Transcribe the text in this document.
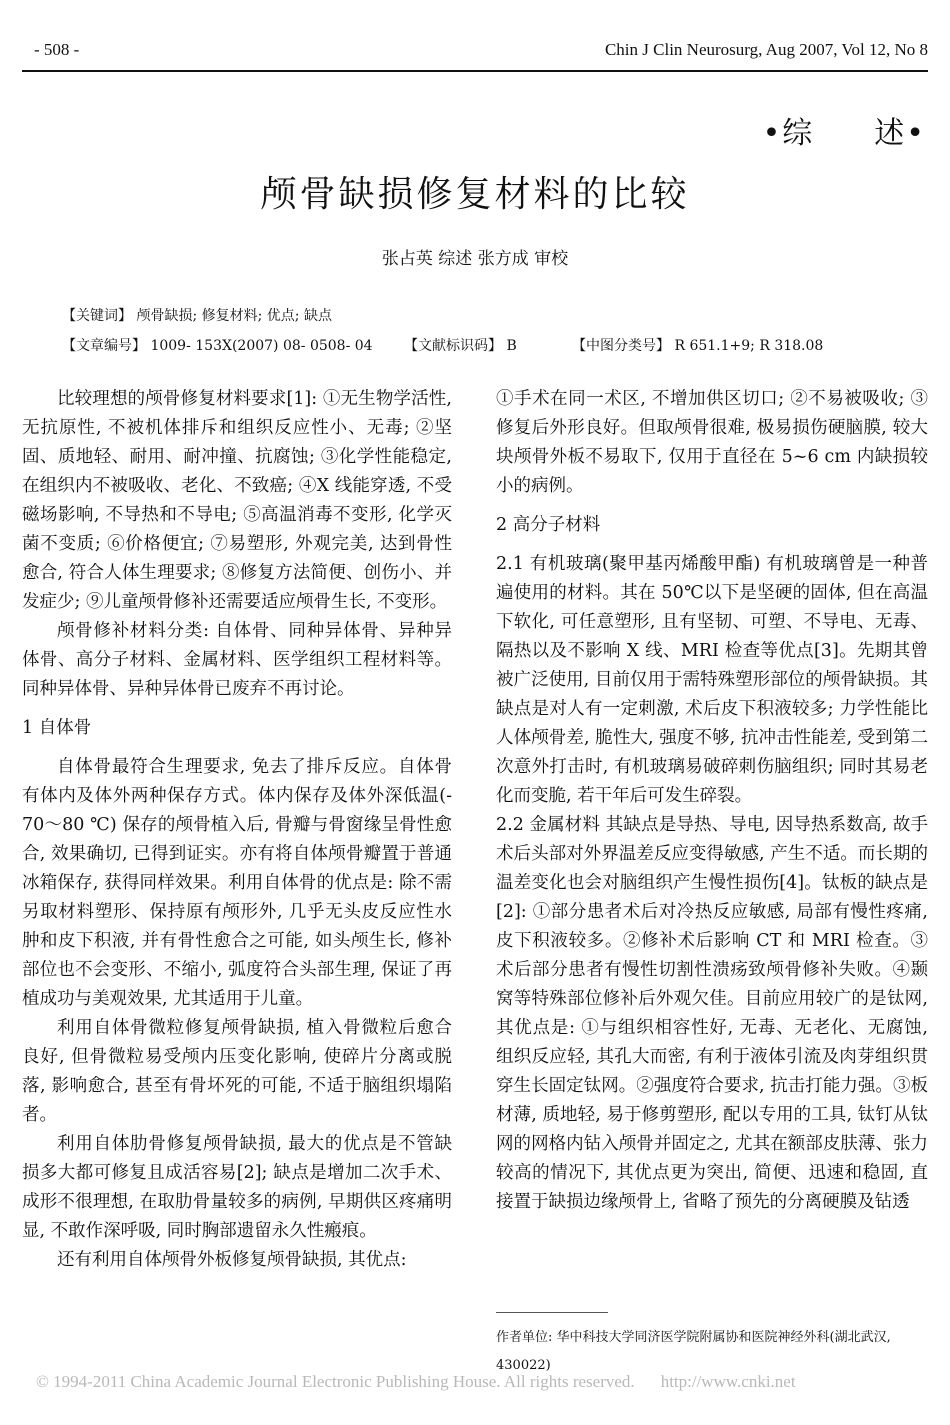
- 508 -	Chin J Clin Neurosurg, Aug 2007, Vol 12, No 8
•综 述•
颅骨缺损修复材料的比较
张占英 综述 张方成 审校
【关键词】 颅骨缺损; 修复材料; 优点; 缺点
【文章编号】 1009- 153X(2007) 08- 0508- 04 【文献标识码】 B	【中图分类号】 R 651.1+9; R 318.08

比较理想的颅骨修复材料要求[1]: ①无生物学活性, 无抗原性, 不被机体排斥和组织反应性小、无毒; ②坚固、质地轻、耐用、耐冲撞、抗腐蚀; ③化学性能稳定, 在组织内不被吸收、老化、不致癌; ④X 线能穿透, 不受磁场影响, 不导热和不导电; ⑤高温消毒不变形, 化学灭菌不变质; ⑥价格便宜; ⑦易塑形, 外观完美, 达到骨性愈合, 符合人体生理要求; ⑧修复方法简便、创伤小、并发症少; ⑨儿童颅骨修补还需要适应颅骨生长, 不变形。

颅骨修补材料分类: 自体骨、同种异体骨、异种异体骨、高分子材料、金属材料、医学组织工程材料等。同种异体骨、异种异体骨已废弃不再讨论。

1 自体骨

自体骨最符合生理要求, 免去了排斥反应。自体骨有体内及体外两种保存方式。体内保存及体外深低温(- 70～80 ℃) 保存的颅骨植入后, 骨瓣与骨窗缘呈骨性愈合, 效果确切, 已得到证实。亦有将自体颅骨瓣置于普通冰箱保存, 获得同样效果。利用自体骨的优点是: 除不需另取材料塑形、保持原有颅形外, 几乎无头皮反应性水肿和皮下积液, 并有骨性愈合之可能, 如头颅生长, 修补部位也不会变形、不缩小, 弧度符合头部生理, 保证了再植成功与美观效果, 尤其适用于儿童。

利用自体骨微粒修复颅骨缺损, 植入骨微粒后愈合良好, 但骨微粒易受颅内压变化影响, 使碎片分离或脱落, 影响愈合, 甚至有骨坏死的可能, 不适于脑组织塌陷者。

利用自体肋骨修复颅骨缺损, 最大的优点是不管缺损多大都可修复且成活容易[2]; 缺点是增加二次手术、成形不很理想, 在取肋骨量较多的病例, 早期供区疼痛明显, 不敢作深呼吸, 同时胸部遗留永久性瘢痕。

还有利用自体颅骨外板修复颅骨缺损, 其优点:

①手术在同一术区, 不增加供区切口; ②不易被吸收; ③修复后外形良好。但取颅骨很难, 极易损伤硬脑膜, 较大块颅骨外板不易取下, 仅用于直径在 5~6 cm 内缺损较小的病例。

2 高分子材料

2.1 有机玻璃(聚甲基丙烯酸甲酯) 有机玻璃曾是一种普遍使用的材料。其在 50℃以下是坚硬的固体, 但在高温下软化, 可任意塑形, 且有坚韧、可塑、不导电、无毒、隔热以及不影响 X 线、MRI 检查等优点[3]。先期其曾被广泛使用, 目前仅用于需特殊塑形部位的颅骨缺损。其缺点是对人有一定刺激, 术后皮下积液较多; 力学性能比人体颅骨差, 脆性大, 强度不够, 抗冲击性能差, 受到第二次意外打击时, 有机玻璃易破碎刺伤脑组织; 同时其易老化而变脆, 若干年后可发生碎裂。

2.2 金属材料 其缺点是导热、导电, 因导热系数高, 故手术后头部对外界温差反应变得敏感, 产生不适。而长期的温差变化也会对脑组织产生慢性损伤[4]。钛板的缺点是[2]: ①部分患者术后对冷热反应敏感, 局部有慢性疼痛, 皮下积液较多。②修补术后影响 CT 和 MRI 检查。③术后部分患者有慢性切割性溃疡致颅骨修补失败。④颞窝等特殊部位修补后外观欠佳。目前应用较广的是钛网, 其优点是: ①与组织相容性好, 无毒、无老化、无腐蚀, 组织反应轻, 其孔大而密, 有利于液体引流及肉芽组织贯穿生长固定钛网。②强度符合要求, 抗击打能力强。③板材薄, 质地轻, 易于修剪塑形, 配以专用的工具, 钛钉从钛网的网格内钻入颅骨并固定之, 尤其在额部皮肤薄、张力较高的情况下, 其优点更为突出, 简便、迅速和稳固, 直接置于缺损边缘颅骨上, 省略了预先的分离硬膜及钻透

作者单位: 华中科技大学同济医学院附属协和医院神经外科(湖北武汉, 430022)
© 1994-2011 China Academic Journal Electronic Publishing House. All rights reserved. http://www.cnki.net
